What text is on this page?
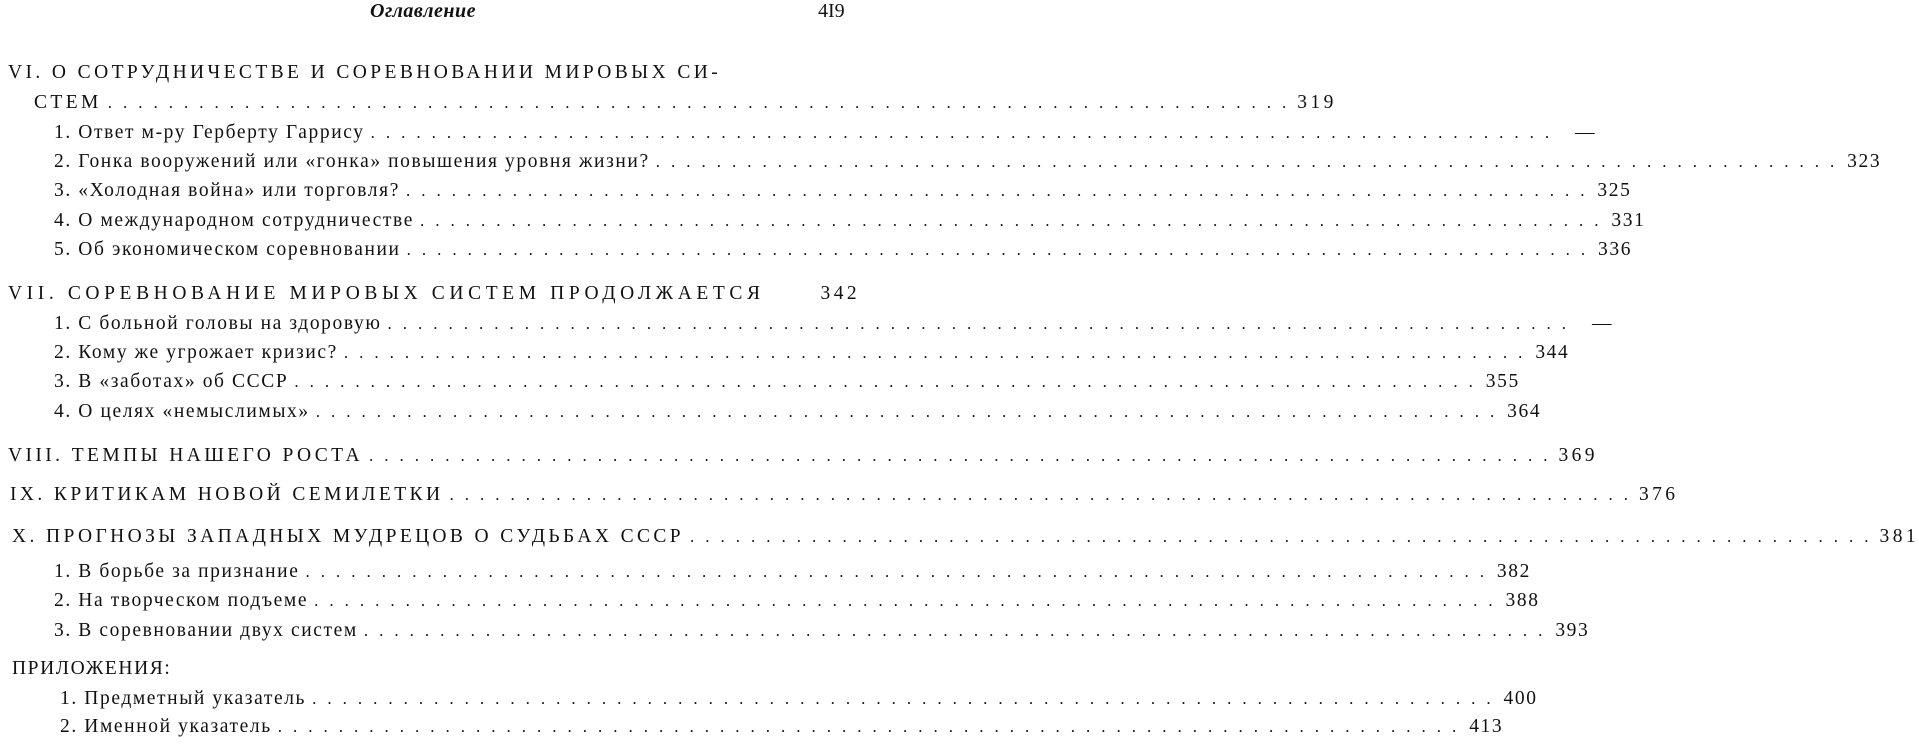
Оглавление	4I9
VI. О СОТРУДНИЧЕСТВЕ И СОРЕВНОВАНИИ МИРОВЫХ СИ-
СТЕМ .............................................................................. 319
1. Ответ м-ру Герберту Гаррису .............................................................................. —
2. Гонка вооружений или «гонка» повышения уровня жизни? .............................................................................. 323
3. «Холодная война» или торговля? .............................................................................. 325
4. О международном сотрудничестве .............................................................................. 331
5. Об экономическом соревновании .............................................................................. 336
VII. СОРЕВНОВАНИЕ МИРОВЫХ СИСТЕМ ПРОДОЛЖАЕТСЯ	342
1. С больной головы на здоровую .............................................................................. —
2. Кому же угрожает кризис? .............................................................................. 344
3. В «заботах» об СССР .............................................................................. 355
4. О целях «немыслимых» .............................................................................. 364
VIII. ТЕМПЫ НАШЕГО РОСТА .............................................................................. 369
IX. КРИТИКАМ НОВОЙ СЕМИЛЕТКИ .............................................................................. 376
X. ПРОГНОЗЫ ЗАПАДНЫХ МУДРЕЦОВ О СУДЬБАХ СССР .............................................................................. 381
1. В борьбе за признание .............................................................................. 382
2. На творческом подъеме .............................................................................. 388
3. В соревновании двух систем .............................................................................. 393
ПРИЛОЖЕНИЯ:
1. Предметный указатель .............................................................................. 400
2. Именной указатель .............................................................................. 413
